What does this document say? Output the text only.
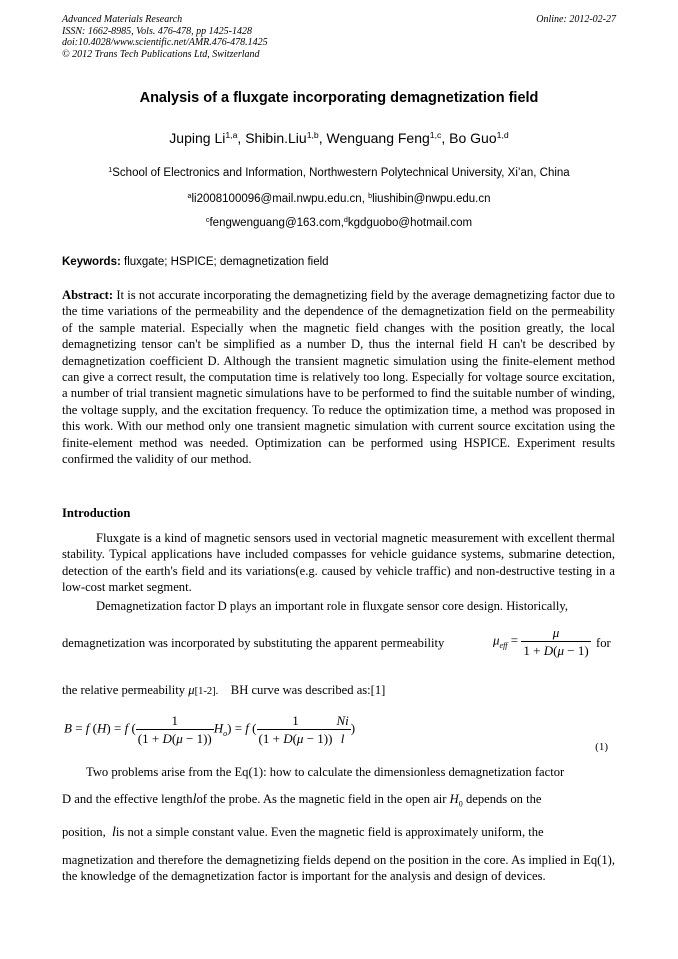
Advanced Materials Research
ISSN: 1662-8985, Vols. 476-478, pp 1425-1428
doi:10.4028/www.scientific.net/AMR.476-478.1425
© 2012 Trans Tech Publications Ltd, Switzerland
Online: 2012-02-27
Analysis of a fluxgate incorporating demagnetization field
Juping Li$^{1,a}$, Shibin.Liu$^{1,b}$, Wenguang Feng$^{1,c}$, Bo Guo$^{1,d}$
$^1$School of Electronics and Information, Northwestern Polytechnical University, Xi’an, China
$^a$li2008100096@mail.nwpu.edu.cn, $^b$liushibin@nwpu.edu.cn
$^c$fengwenguang@163.com,$^d$kgdguobo@hotmail.com
Keywords: fluxgate; HSPICE; demagnetization field
Abstract: It is not accurate incorporating the demagnetizing field by the average demagnetizing factor due to the time variations of the permeability and the dependence of the demagnetization field on the permeability of the sample material. Especially when the magnetic field changes with the position greatly, the local demagnetizing tensor can't be simplified as a number D, thus the internal field H can't be described by demagnetization coefficient D. Although the transient magnetic simulation using the finite-element method can give a correct result, the computation time is relatively too long. Especially for voltage source excitation, a number of trial transient magnetic simulations have to be performed to find the suitable number of winding, the voltage supply, and the excitation frequency. To reduce the optimization time, a method was proposed in this work. With our method only one transient magnetic simulation with current source excitation using the finite-element method was needed. Optimization can be performed using HSPICE. Experiment results confirmed the validity of our method.
Introduction
Fluxgate is a kind of magnetic sensors used in vectorial magnetic measurement with excellent thermal stability. Typical applications have included compasses for vehicle guidance systems, submarine detection, detection of the earth's field and its variations(e.g. caused by vehicle traffic) and non-destructive testing in a low-cost market segment.
Demagnetization factor D plays an important role in fluxgate sensor core design. Historically,
demagnetization was incorporated by substituting the apparent permeability	$\mu_{eff} = \frac{\mu}{1 + D(\mu - 1)}$ for
the relative permeability μ[1-2]. BH curve was described as:[1]
B = f (H) = f ( $\frac{1}{(1 + D(\mu - 1))} H_o) = f$ ( $\frac{1}{(1 + D(\mu - 1))} \frac{Ni}{l}$ )
(1)
Two problems arise from the Eq(1): how to calculate the dimensionless demagnetization factor
D and the effective lengthlof the probe. As the magnetic field in the open air $H_0$ depends on the
position, lis not a simple constant value. Even the magnetic field is approximately uniform, the
magnetization and therefore the demagnetizing fields depend on the position in the core. As implied in Eq(1), the knowledge of the demagnetization factor is important for the analysis and design of devices.
